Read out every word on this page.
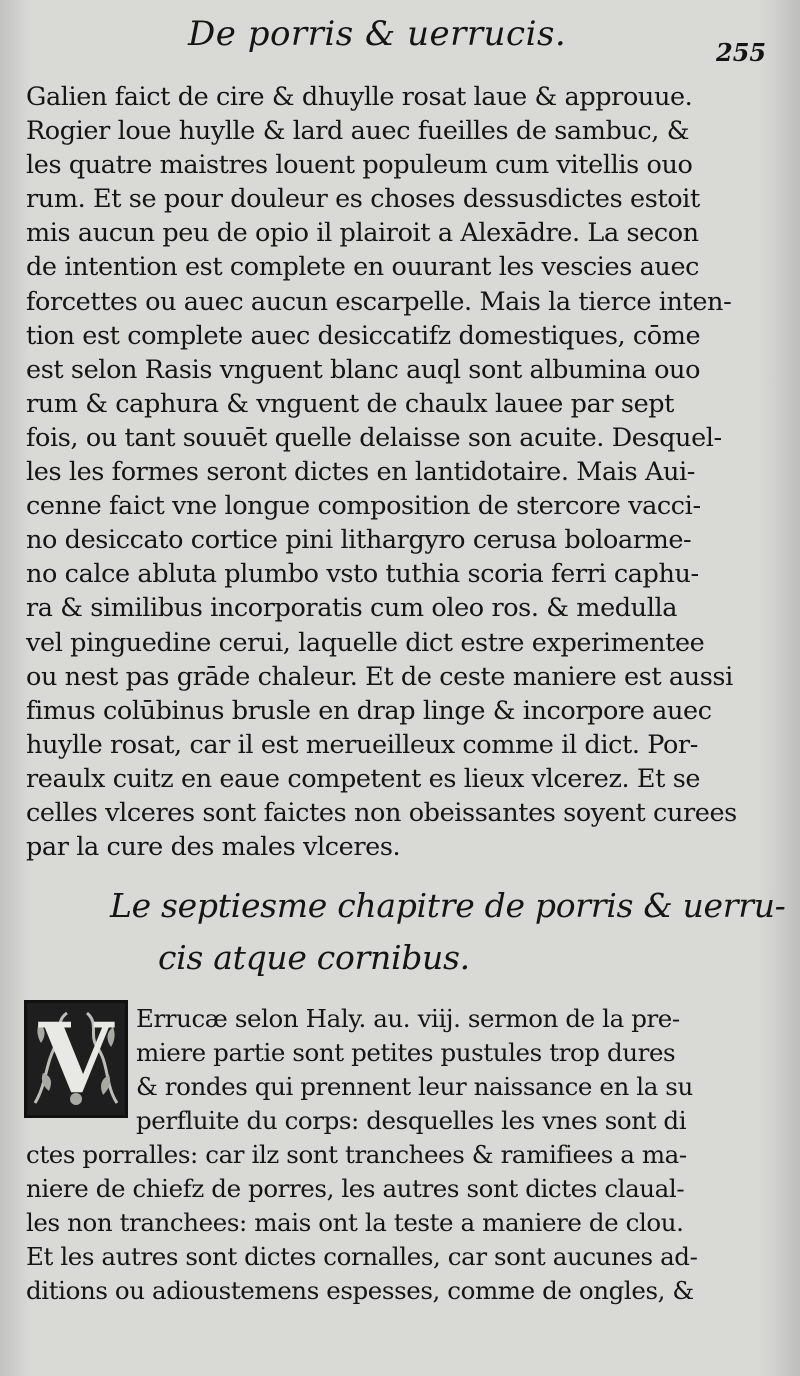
De porris & uerrucis.	255
Galien faict de cire & dhuylle rosat laue & approuue.
Rogier loue huylle & lard auec fueilles de sambuc, &
les quatre maistres louent populeum cum vitellis ouo
rum. Et se pour douleur es choses dessusdictes estoit
mis aucun peu de opio il plairoit a Alexādre. La secon
de intention est complete en ouurant les vescies auec
forcettes ou auec aucun escarpelle. Mais la tierce inten-
tion est complete auec desiccatifz domestiques, cōme
est selon Rasis vnguent blanc auql sont albumina ouo
rum & caphura & vnguent de chaulx lauee par sept
fois, ou tant souuēt quelle delaisse son acuite. Desquel-
les les formes seront dictes en lantidotaire. Mais Aui-
cenne faict vne longue composition de stercore vacci-
no desiccato cortice pini lithargyro cerusa boloarme-
no calce abluta plumbo vsto tuthia scoria ferri caphu-
ra & similibus incorporatis cum oleo ros. & medulla
vel pinguedine cerui, laquelle dict estre experimentee
ou nest pas grāde chaleur. Et de ceste maniere est aussi
fimus colūbinus brusle en drap linge & incorpore auec
huylle rosat, car il est merueilleux comme il dict. Por-
reaulx cuitz en eaue competent es lieux vlcerez. Et se
celles vlceres sont faictes non obeissantes soyent curees
par la cure des males vlceres.
Le septiesme chapitre de porris & uerru-
cis atque cornibus.
V Errucæ selon Haly. au. viij. sermon de la pre-
miere partie sont petites pustules trop dures
& rondes qui prennent leur naissance en la su
perfluite du corps: desquelles les vnes sont di
ctes porralles: car ilz sont tranchees & ramifiees a ma-
niere de chiefz de porres, les autres sont dictes claual-
les non tranchees: mais ont la teste a maniere de clou.
Et les autres sont dictes cornalles, car sont aucunes ad-
ditions ou adioustemens espesses, comme de ongles, &
